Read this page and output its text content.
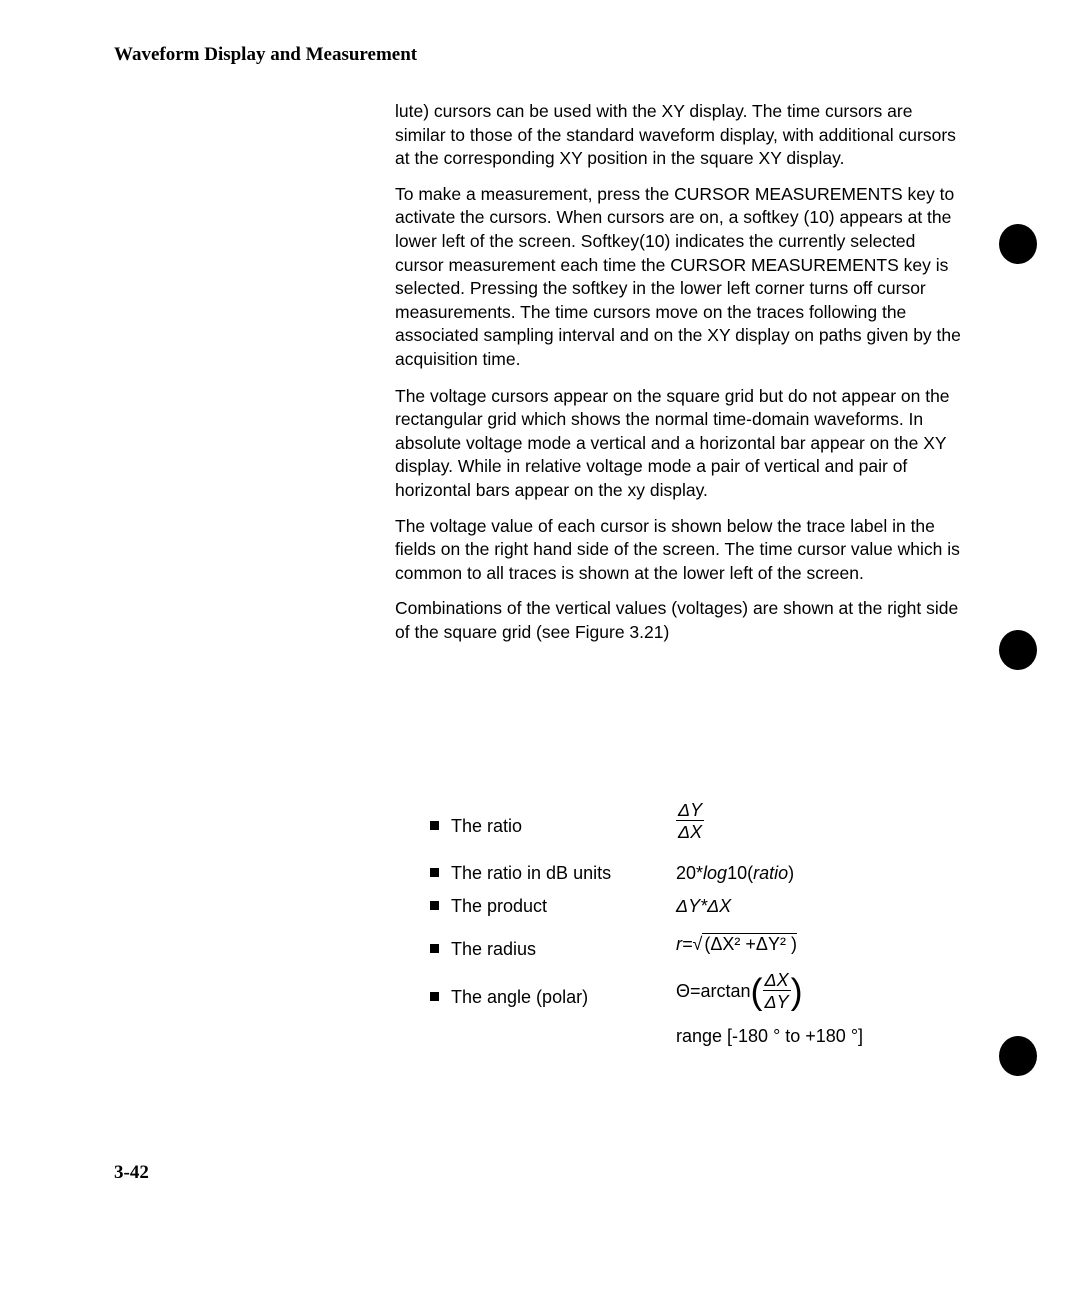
Waveform Display and Measurement

lute) cursors can be used with the XY display. The time cursors are similar to those of the standard waveform display, with additional cursors at the corresponding XY position in the square XY display.

To make a measurement, press the CURSOR MEASUREMENTS key to activate the cursors. When cursors are on, a softkey (10) appears at the lower left of the screen. Softkey(10) indicates the currently selected cursor measurement each time the CURSOR MEASUREMENTS key is selected. Pressing the softkey in the lower left corner turns off cursor measurements. The time cursors move on the traces following the associated sampling interval and on the XY display on paths given by the acquisition time.

The voltage cursors appear on the square grid but do not appear on the rectangular grid which shows the normal time-domain waveforms. In absolute voltage mode a vertical and a horizontal bar appear on the XY display. While in relative voltage mode a pair of vertical and pair of horizontal bars appear on the xy display.

The voltage value of each cursor is shown below the trace label in the fields on the right hand side of the screen. The time cursor value which is common to all traces is shown at the lower left of the screen.

Combinations of the vertical values (voltages) are shown at the right side of the square grid (see Figure 3.21)

The ratio	$\frac{\Delta Y}{\Delta X}$
The ratio in dB units	20*log10(ratio)
The product	ΔY*ΔX
The radius	r=√ (ΔX² +ΔY² )
The angle (polar)	$\Theta=\arctan( \frac{\Delta X}{\Delta Y}$ )
range [-180 ° to +180 °]
3-42
